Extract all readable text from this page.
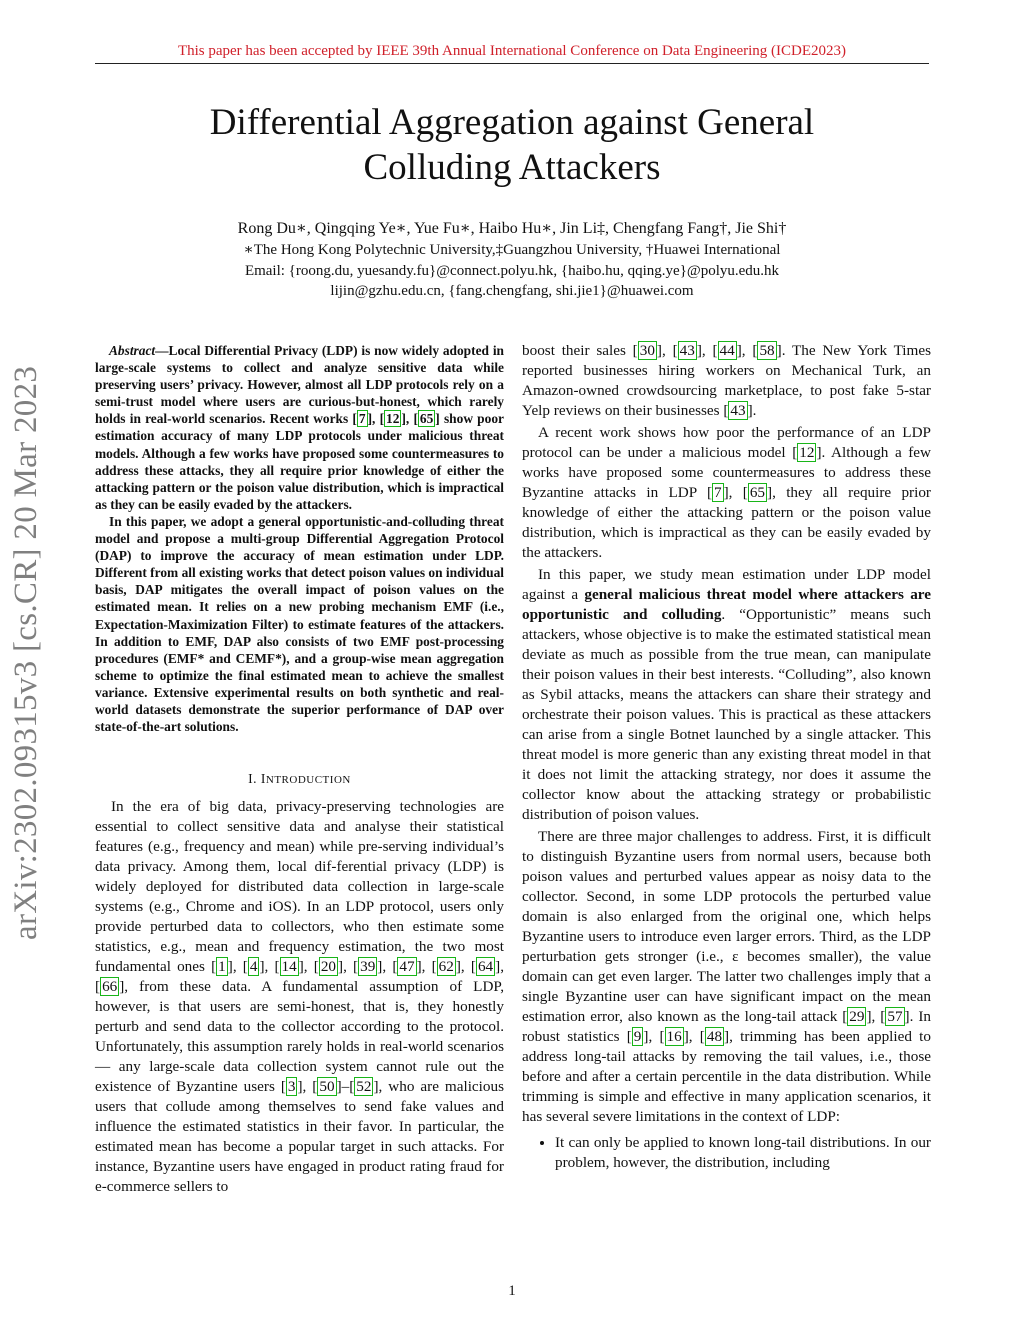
This paper has been accepted by IEEE 39th Annual International Conference on Data Engineering (ICDE2023)
Differential Aggregation against General
Colluding Attackers
Rong Du∗, Qingqing Ye∗, Yue Fu∗, Haibo Hu∗, Jin Li‡, Chengfang Fang†, Jie Shi†
∗The Hong Kong Polytechnic University,‡Guangzhou University, †Huawei International
Email: {roong.du, yuesandy.fu}@connect.polyu.hk, {haibo.hu, qqing.ye}@polyu.edu.hk
lijin@gzhu.edu.cn, {fang.chengfang, shi.jie1}@huawei.com
arXiv:2302.09315v3 [cs.CR] 20 Mar 2023

Abstract—Local Differential Privacy (LDP) is now widely adopted in large-scale systems to collect and analyze sensitive data while preserving users’ privacy. However, almost all LDP protocols rely on a semi-trust model where users are curious-but-honest, which rarely holds in real-world scenarios. Recent works [ 7 ], [ 12 ], [ 65 ] show poor estimation accuracy of many LDP protocols under malicious threat models. Although a few works have proposed some countermeasures to address these attacks, they all require prior knowledge of either the attacking pattern or the poison value distribution, which is impractical as they can be easily evaded by the attackers.

In this paper, we adopt a general opportunistic-and-colluding threat model and propose a multi-group Differential Aggregation Protocol (DAP) to improve the accuracy of mean estimation under LDP. Different from all existing works that detect poison values on individual basis, DAP mitigates the overall impact of poison values on the estimated mean. It relies on a new probing mechanism EMF (i.e., Expectation-Maximization Filter) to estimate features of the attackers. In addition to EMF, DAP also consists of two EMF post-processing procedures (EMF* and CEMF*), and a group-wise mean aggregation scheme to optimize the final estimated mean to achieve the smallest variance. Extensive experimental results on both synthetic and real-world datasets demonstrate the superior performance of DAP over state-of-the-art solutions.

I. INTRODUCTION

In the era of big data, privacy-preserving technologies are essential to collect sensitive data and analyse their statistical features (e.g., frequency and mean) while pre-serving individual’s data privacy. Among them, local dif-ferential privacy (LDP) is widely deployed for distributed data collection in large-scale systems (e.g., Chrome and iOS). In an LDP protocol, users only provide perturbed data to collectors, who then estimate some statistics, e.g., mean and frequency estimation, the two most fundamental ones [ 1 ], [ 4 ], [ 14 ], [ 20 ], [ 39 ], [ 47 ], [ 62 ], [ 64 ], [ 66 ], from these data. A fundamental assumption of LDP, however, is that users are semi-honest, that is, they honestly perturb and send data to the collector according to the protocol. Unfortunately, this assumption rarely holds in real-world scenarios — any large-scale data collection system cannot rule out the existence of Byzantine users [ 3 ], [ 50 ]–[ 52 ], who are malicious users that collude among themselves to send fake values and influence the estimated statistics in their favor. In particular, the estimated mean has become a popular target in such attacks. For instance, Byzantine users have engaged in product rating fraud for e-commerce sellers to

boost their sales [ 30 ], [ 43 ], [ 44 ], [ 58 ]. The New York Times reported businesses hiring workers on Mechanical Turk, an Amazon-owned crowdsourcing marketplace, to post fake 5-star Yelp reviews on their businesses [ 43 ].

A recent work shows how poor the performance of an LDP protocol can be under a malicious model [ 12 ]. Although a few works have proposed some countermeasures to address these Byzantine attacks in LDP [ 7 ], [ 65 ], they all require prior knowledge of either the attacking pattern or the poison value distribution, which is impractical as they can be easily evaded by the attackers.

In this paper, we study mean estimation under LDP model against a general malicious threat model where attackers are opportunistic and colluding. “Opportunistic” means such attackers, whose objective is to make the estimated statistical mean deviate as much as possible from the true mean, can manipulate their poison values in their best interests. “Colluding”, also known as Sybil attacks, means the attackers can share their strategy and orchestrate their poison values. This is practical as these attackers can arise from a single Botnet launched by a single attacker. This threat model is more generic than any existing threat model in that it does not limit the attacking strategy, nor does it assume the collector know about the attacking strategy or probabilistic distribution of poison values.

There are three major challenges to address. First, it is difficult to distinguish Byzantine users from normal users, because both poison values and perturbed values appear as noisy data to the collector. Second, in some LDP protocols the perturbed value domain is also enlarged from the original one, which helps Byzantine users to introduce even larger errors. Third, as the LDP perturbation gets stronger (i.e., ε becomes smaller), the value domain can get even larger. The latter two challenges imply that a single Byzantine user can have significant impact on the mean estimation error, also known as the long-tail attack [ 29 ], [ 57 ]. In robust statistics [ 9 ], [ 16 ], [ 48 ], trimming has been applied to address long-tail attacks by removing the tail values, i.e., those before and after a certain percentile in the data distribution. While trimming is simple and effective in many application scenarios, it has several severe limitations in the context of LDP:

• It can only be applied to known long-tail distributions. In our problem, however, the distribution, including
1
